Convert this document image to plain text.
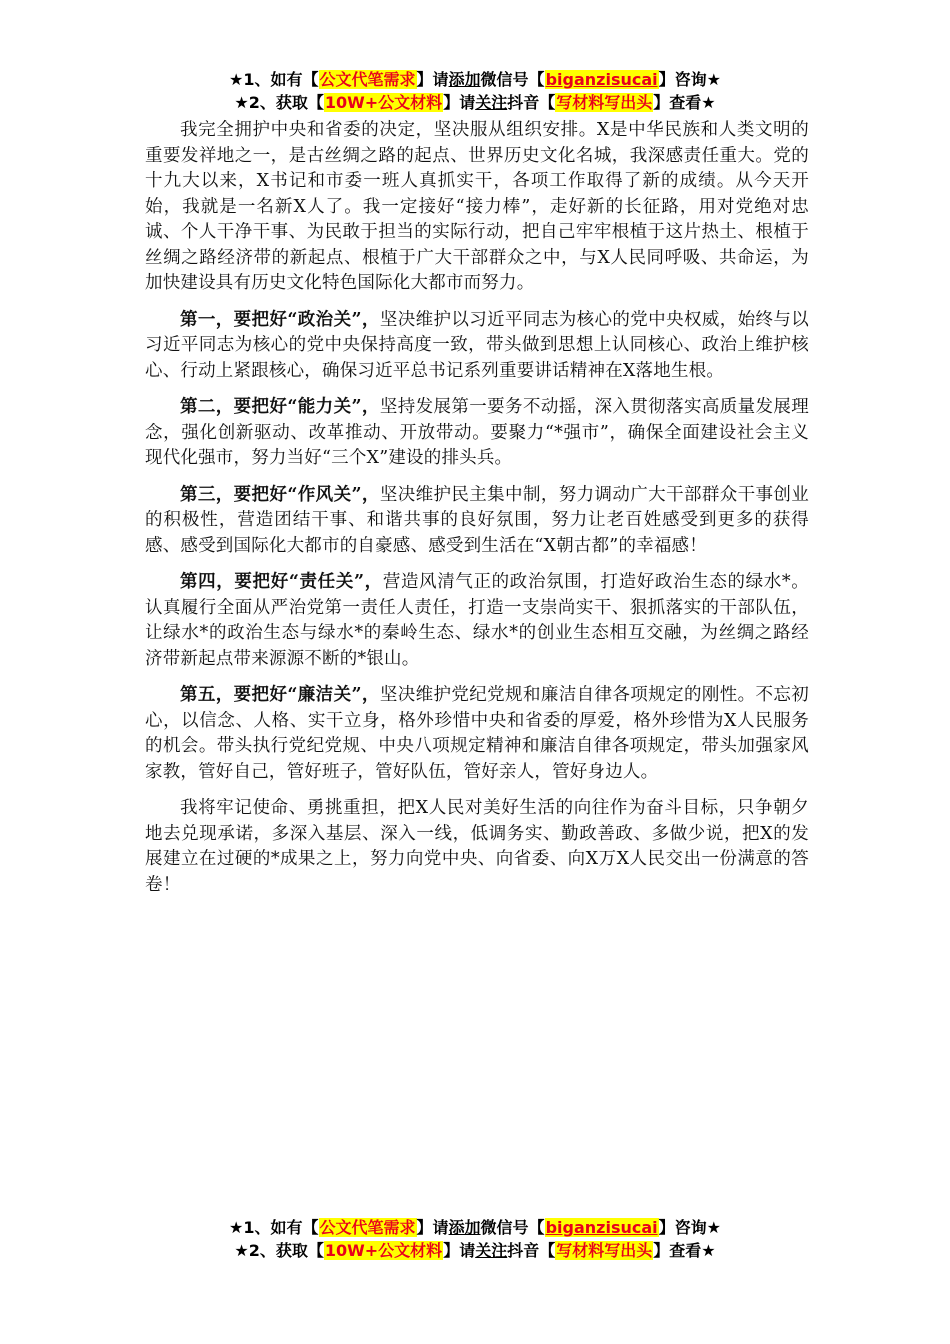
★1、如有【公文代笔需求】请添加微信号【biganzisucai】咨询★
★2、获取【10W+公文材料】请关注抖音【写材料写出头】查看★

我完全拥护中央和省委的决定，坚决服从组织安排。X是中华民族和人类文明的重要发祥地之一，是古丝绸之路的起点、世界历史文化名城，我深感责任重大。党的十九大以来，X书记和市委一班人真抓实干，各项工作取得了新的成绩。从今天开始，我就是一名新X人了。我一定接好“接力棒”，走好新的长征路，用对党绝对忠诚、个人干净干事、为民敢于担当的实际行动，把自己牢牢根植于这片热土、根植于丝绸之路经济带的新起点、根植于广大干部群众之中，与X人民同呼吸、共命运，为加快建设具有历史文化特色国际化大都市而努力。

第一，要把好“政治关”，坚决维护以习近平同志为核心的党中央权威，始终与以习近平同志为核心的党中央保持高度一致，带头做到思想上认同核心、政治上维护核心、行动上紧跟核心，确保习近平总书记系列重要讲话精神在X落地生根。

第二，要把好“能力关”，坚持发展第一要务不动摇，深入贯彻落实高质量发展理念，强化创新驱动、改革推动、开放带动。要聚力“*强市”，确保全面建设社会主义现代化强市，努力当好“三个X”建设的排头兵。

第三，要把好“作风关”，坚决维护民主集中制，努力调动广大干部群众干事创业的积极性，营造团结干事、和谐共事的良好氛围，努力让老百姓感受到更多的获得感、感受到国际化大都市的自豪感、感受到生活在“X朝古都”的幸福感！

第四，要把好“责任关”，营造风清气正的政治氛围，打造好政治生态的绿水*。认真履行全面从严治党第一责任人责任，打造一支崇尚实干、狠抓落实的干部队伍，让绿水*的政治生态与绿水*的秦岭生态、绿水*的创业生态相互交融，为丝绸之路经济带新起点带来源源不断的*银山。

第五，要把好“廉洁关”，坚决维护党纪党规和廉洁自律各项规定的刚性。不忘初心，以信念、人格、实干立身，格外珍惜中央和省委的厚爱，格外珍惜为X人民服务的机会。带头执行党纪党规、中央八项规定精神和廉洁自律各项规定，带头加强家风家教，管好自己，管好班子，管好队伍，管好亲人，管好身边人。

我将牢记使命、勇挑重担，把X人民对美好生活的向往作为奋斗目标，只争朝夕地去兑现承诺，多深入基层、深入一线，低调务实、勤政善政、多做少说，把X的发展建立在过硬的*成果之上，努力向党中央、向省委、向X万X人民交出一份满意的答卷！

★1、如有【公文代笔需求】请添加微信号【biganzisucai】咨询★
★2、获取【10W+公文材料】请关注抖音【写材料写出头】查看★
